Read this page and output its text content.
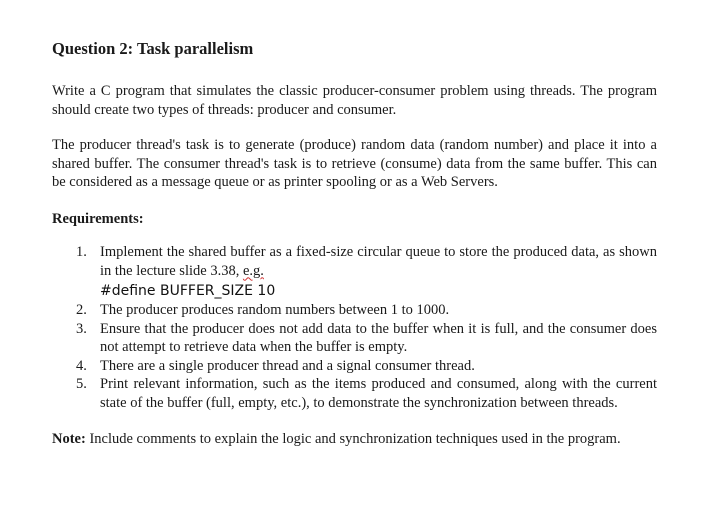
Question 2: Task parallelism

Write a C program that simulates the classic producer-consumer problem using threads. The program should create two types of threads: producer and consumer.

The producer thread's task is to generate (produce) random data (random number) and place it into a shared buffer. The consumer thread's task is to retrieve (consume) data from the same buffer. This can be considered as a message queue or as printer spooling or as a Web Servers.

Requirements:
1. Implement the shared buffer as a fixed-size circular queue to store the produced data, as shown in the lecture slide 3.38, e.g.
#define BUFFER_SIZE 10
2. The producer produces random numbers between 1 to 1000.
3. Ensure that the producer does not add data to the buffer when it is full, and the consumer does not attempt to retrieve data when the buffer is empty.
4. There are a single producer thread and a signal consumer thread.
5. Print relevant information, such as the items produced and consumed, along with the current state of the buffer (full, empty, etc.), to demonstrate the synchronization between threads.

Note: Include comments to explain the logic and synchronization techniques used in the program.
